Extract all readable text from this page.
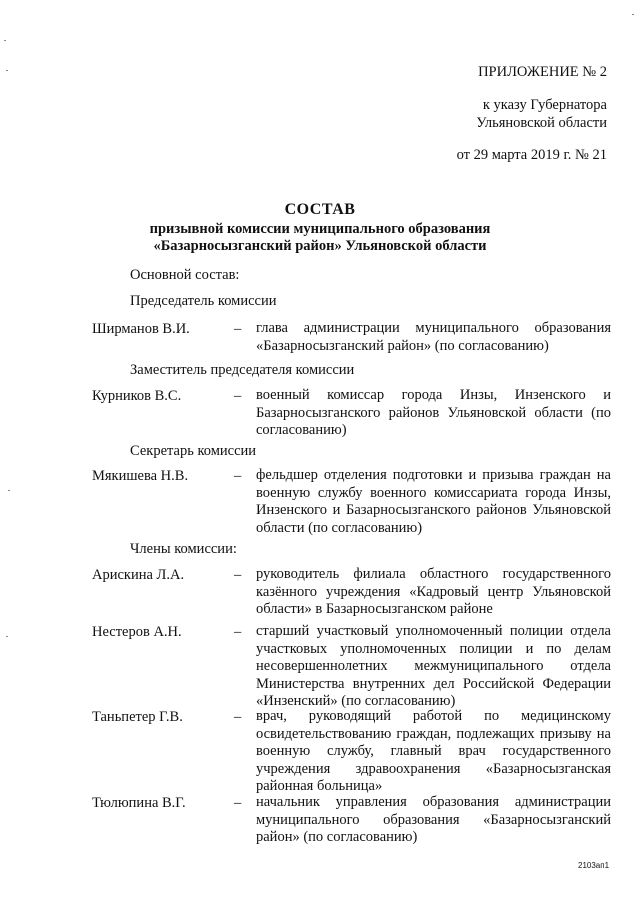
ПРИЛОЖЕНИЕ № 2
к указу Губернатора
Ульяновской области
от 29 марта 2019 г. № 21
СОСТАВ
призывной комиссии муниципального образования
«Базарносызганский район» Ульяновской области
Основной состав:
Председатель комиссии
Ширманов В.И.	– глава администрации муниципального образования «Базарносызганский район» (по согласованию)
Заместитель председателя комиссии
Курников В.С.	– военный комиссар города Инзы, Инзенского и Базарносызганского районов Ульяновской области (по согласованию)
Секретарь комиссии
Мякишева Н.В.	– фельдшер отделения подготовки и призыва граждан на военную службу военного комиссариата города Инзы, Инзенского и Базарносызганского районов Ульяновской области (по согласованию)
Члены комиссии:
Арискина Л.А.	– руководитель филиала областного государственного казённого учреждения «Кадровый центр Ульяновской области» в Базарносызганском районе
Нестеров А.Н.	– старший участковый уполномоченный полиции отдела участковых уполномоченных полиции и по делам несовершеннолетних межмуниципального отдела Министерства внутренних дел Российской Федерации «Инзенский» (по согласованию)
Таньпетер Г.В.	– врач, руководящий работой по медицинскому освидетельствованию граждан, подлежащих призыву на военную службу, главный врач государственного учреждения здравоохранения «Базарносызганская районная больница»
Тюлюпина В.Г.	– начальник управления образования администрации муниципального образования «Базарносызганский район» (по согласованию)
2103ап1
